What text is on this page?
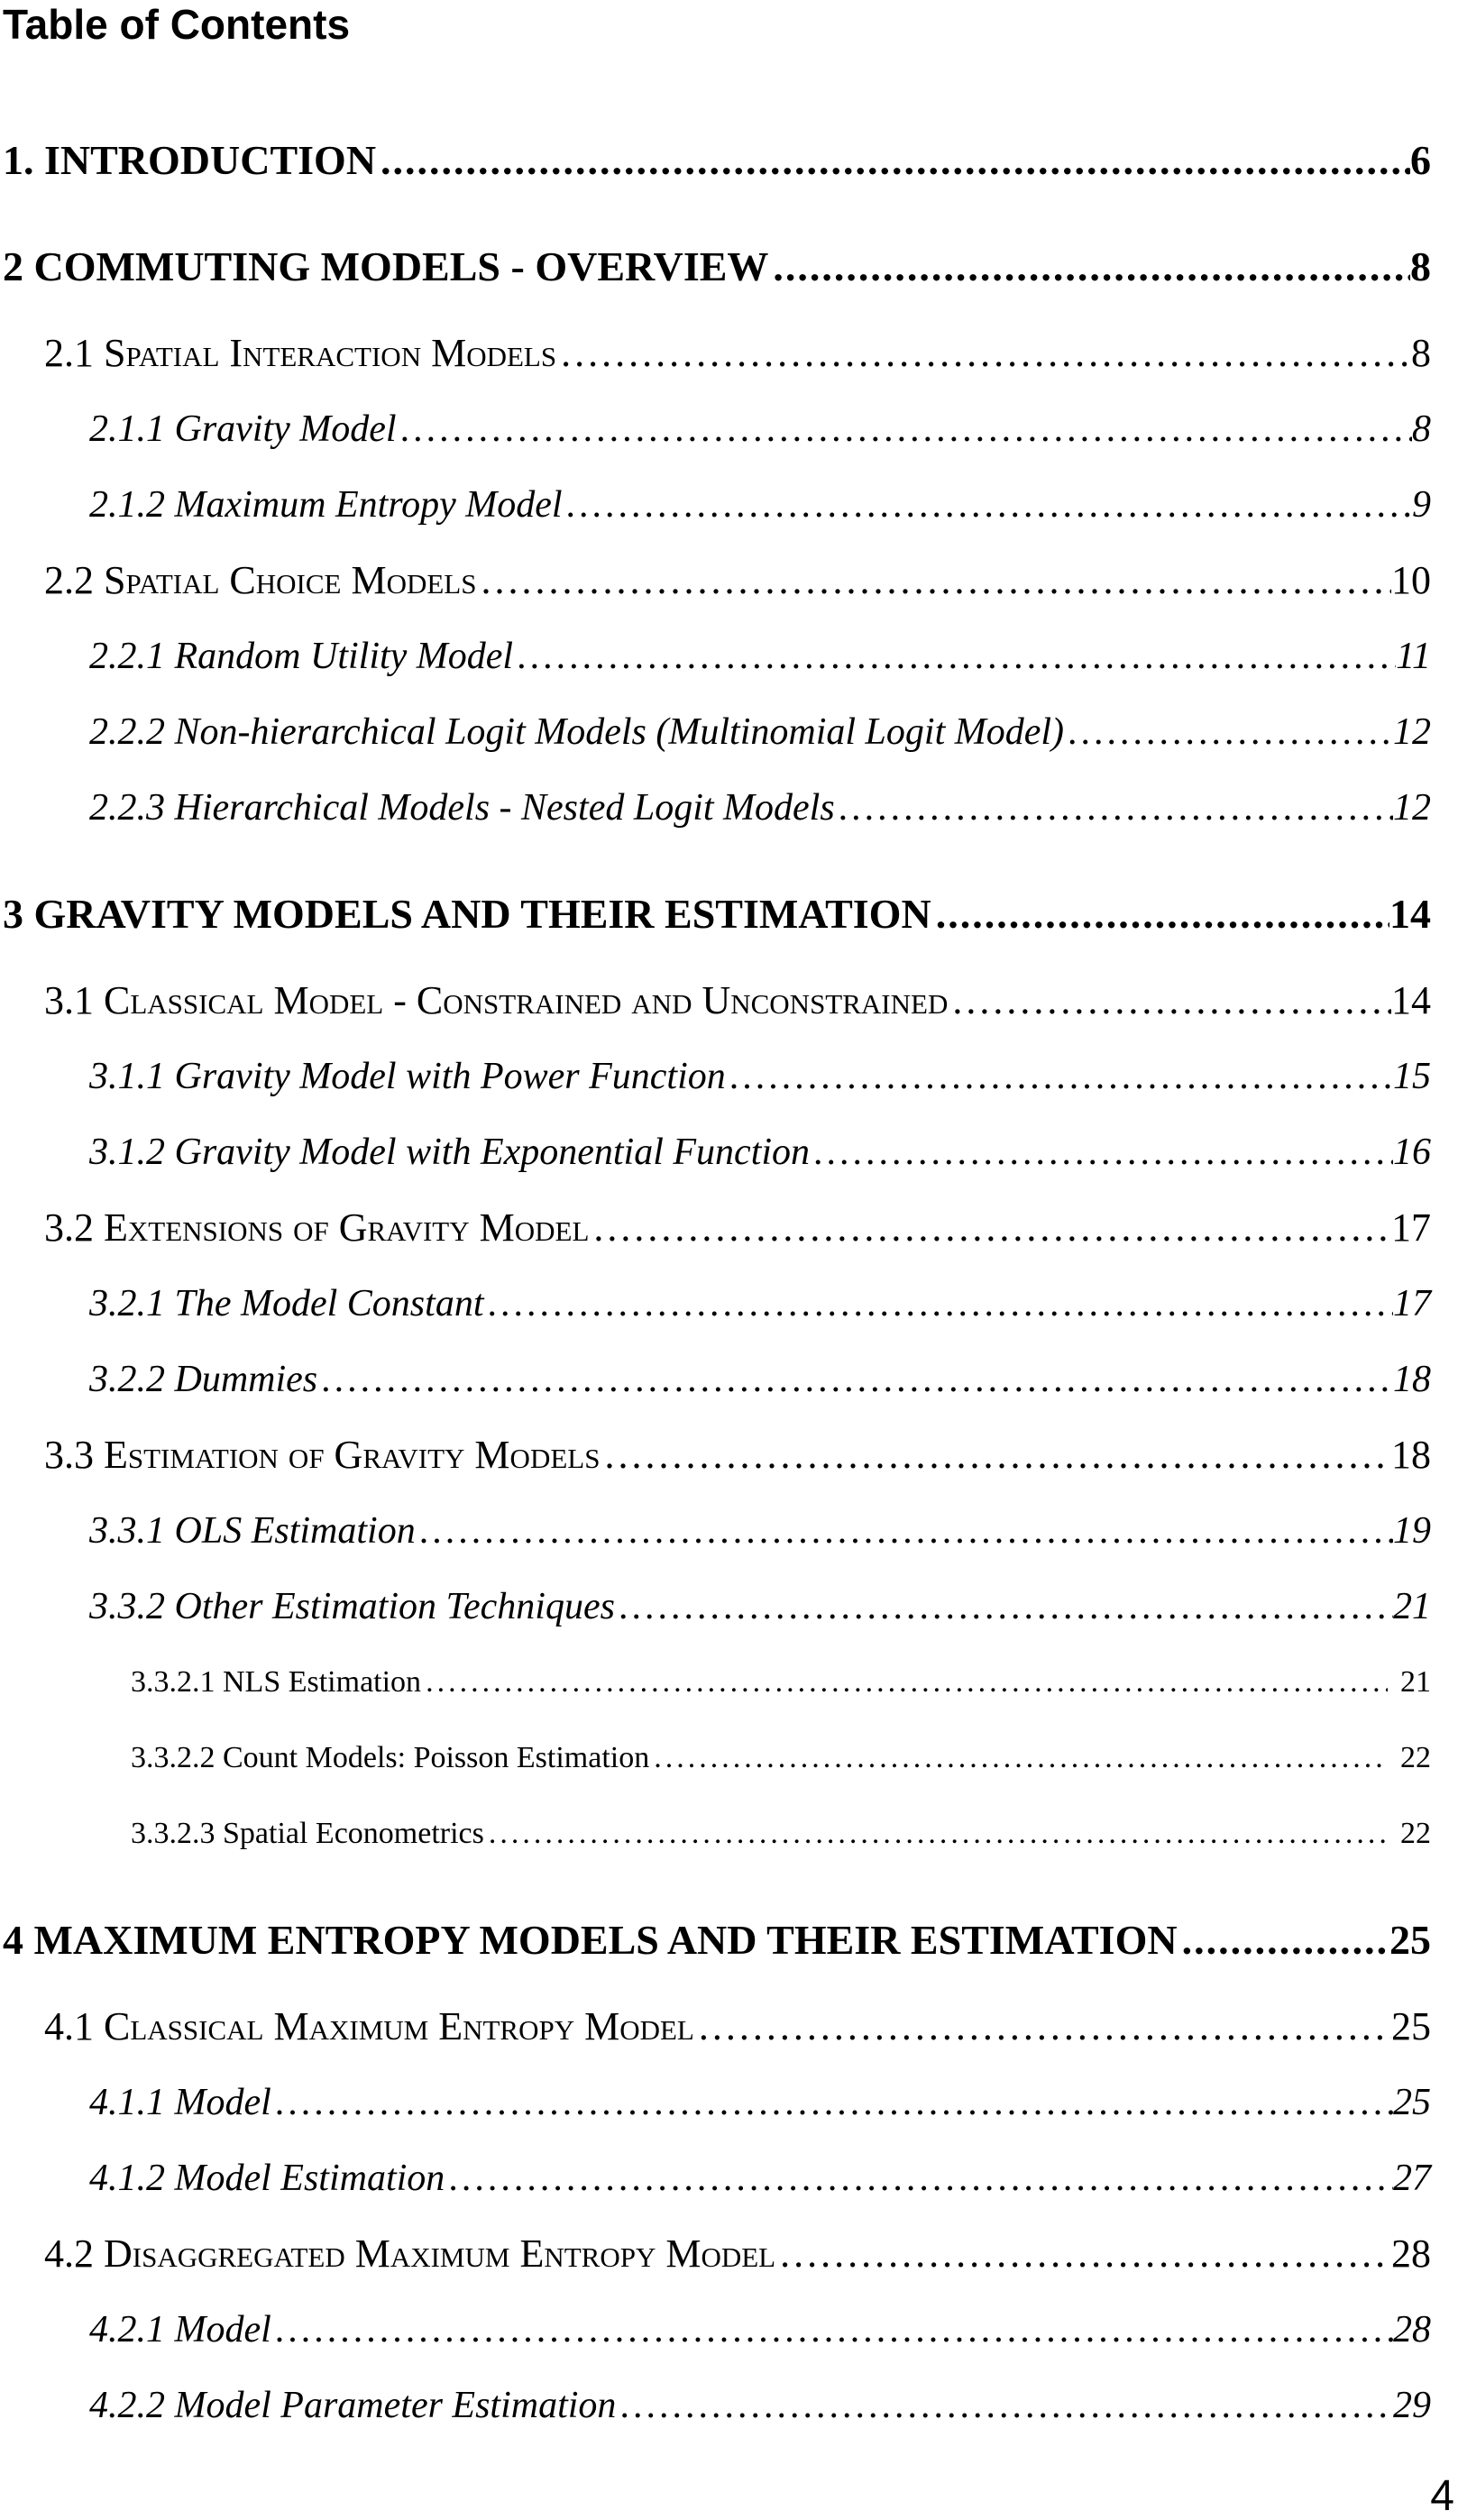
Table of Contents
1. INTRODUCTION .....	6
2 COMMUTING MODELS - OVERVIEW .....	8
2.1 Spatial Interaction Models .....	8
2.1.1 Gravity Model .....	8
2.1.2 Maximum Entropy Model .....	9
2.2 Spatial Choice Models .....	10
2.2.1 Random Utility Model .....	11
2.2.2 Non-hierarchical Logit Models (Multinomial Logit Model) .....	12
2.2.3 Hierarchical Models - Nested Logit Models .....	12
3 GRAVITY MODELS AND THEIR ESTIMATION .....	14
3.1 Classical Model - Constrained and Unconstrained .....	14
3.1.1 Gravity Model with Power Function .....	15
3.1.2 Gravity Model with Exponential Function .....	16
3.2 Extensions of Gravity Model .....	17
3.2.1 The Model Constant .....	17
3.2.2 Dummies .....	18
3.3 Estimation of Gravity Models .....	18
3.3.1 OLS Estimation .....	19
3.3.2 Other Estimation Techniques .....	21
3.3.2.1 NLS Estimation .....	21
3.3.2.2 Count Models: Poisson Estimation .....	22
3.3.2.3 Spatial Econometrics .....	22
4 MAXIMUM ENTROPY MODELS AND THEIR ESTIMATION .....	25
4.1 Classical Maximum Entropy Model .....	25
4.1.1 Model .....	25
4.1.2 Model Estimation .....	27
4.2 Disaggregated Maximum Entropy Model .....	28
4.2.1 Model .....	28
4.2.2 Model Parameter Estimation .....	29
4
